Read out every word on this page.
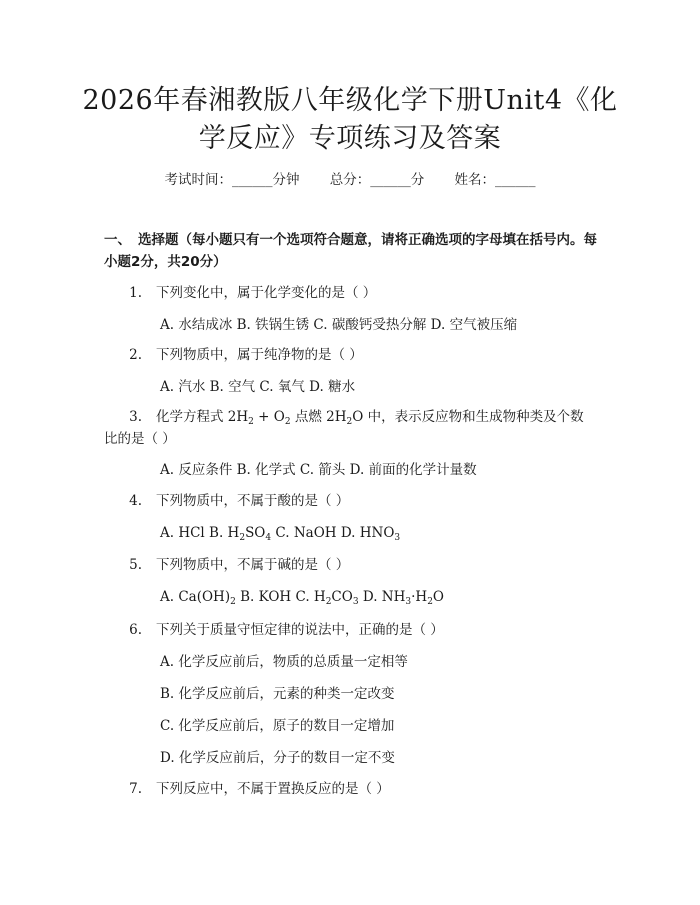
2026年春湘教版八年级化学下册Unit4《化
学反应》专项练习及答案
考试时间：______分钟 总分：______分 姓名：______
一、 选择题（每小题只有一个选项符合题意，请将正确选项的字母填在括号内。每小题2分，共20分）
1. 下列变化中，属于化学变化的是（ ）
A. 水结成冰 B. 铁锅生锈 C. 碳酸钙受热分解 D. 空气被压缩
2. 下列物质中，属于纯净物的是（ ）
A. 汽水 B. 空气 C. 氧气 D. 糖水
3. 化学方程式 $2H_2 + O_2$ 点燃 $2H_2O$ 中，表示反应物和生成物种类及个数
比的是（ ）
A. 反应条件 B. 化学式 C. 箭头 D. 前面的化学计量数
4. 下列物质中，不属于酸的是（ ）
A. HCl B. $H_2SO_4$ C. NaOH D. $HNO_3$
5. 下列物质中，不属于碱的是（ ）
A. $Ca(OH)_2$ B. KOH C. $H_2CO_3$ D. $NH_3\cdot H_2O$
6. 下列关于质量守恒定律的说法中，正确的是（ ）
A. 化学反应前后，物质的总质量一定相等
B. 化学反应前后，元素的种类一定改变
C. 化学反应前后，原子的数目一定增加
D. 化学反应前后，分子的数目一定不变
7. 下列反应中，不属于置换反应的是（ ）
